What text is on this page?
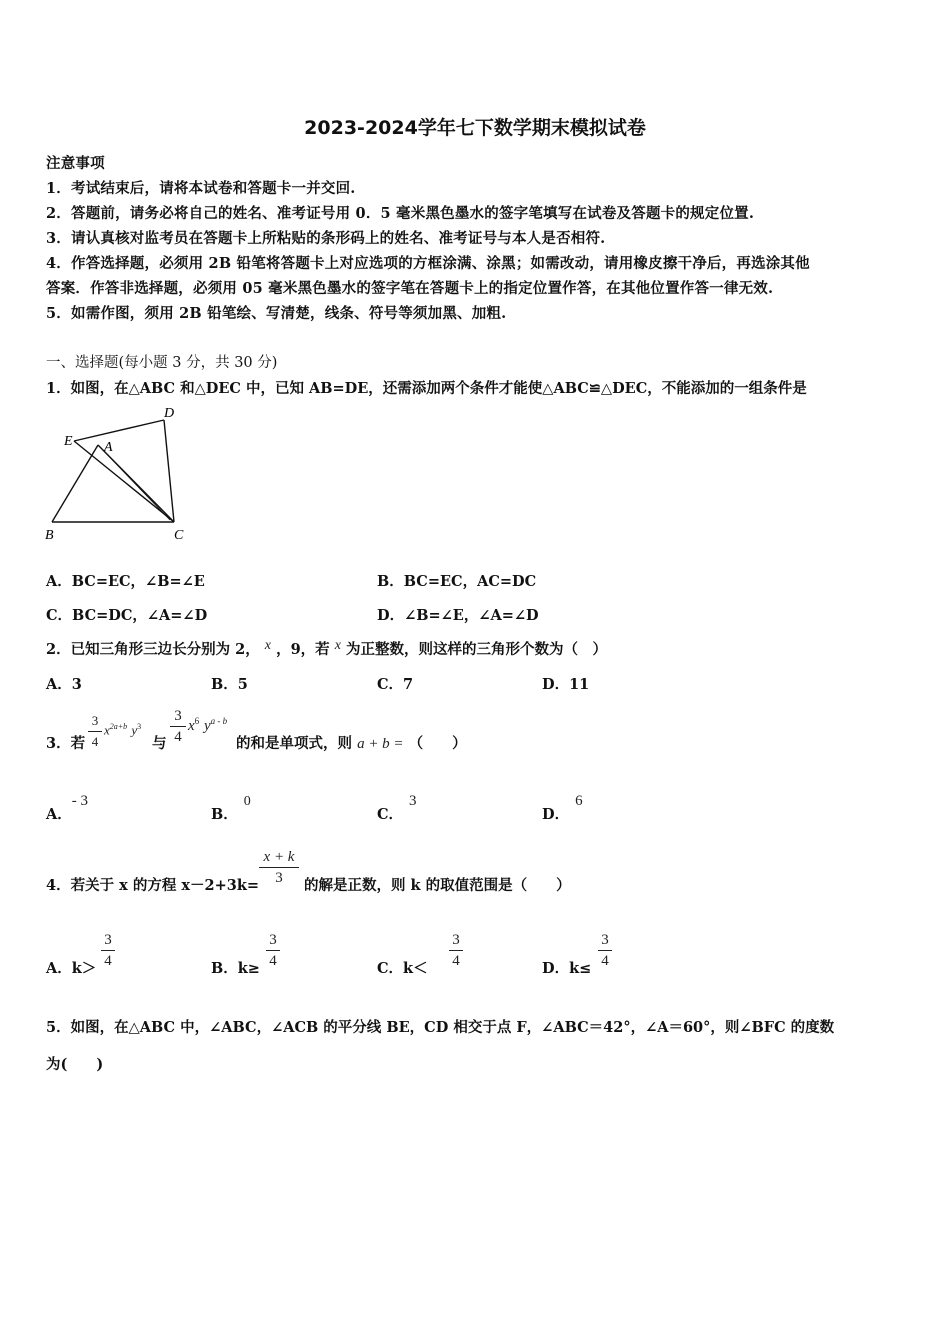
2023-2024学年七下数学期末模拟试卷
注意事项
1．考试结束后，请将本试卷和答题卡一并交回.
2．答题前，请务必将自己的姓名、准考证号用 0．5 毫米黑色墨水的签字笔填写在试卷及答题卡的规定位置.
3．请认真核对监考员在答题卡上所粘贴的条形码上的姓名、准考证号与本人是否相符.
4．作答选择题，必须用 2B 铅笔将答题卡上对应选项的方框涂满、涂黑；如需改动，请用橡皮擦干净后，再选涂其他
答案．作答非选择题，必须用 05 毫米黑色墨水的签字笔在答题卡上的指定位置作答，在其他位置作答一律无效.
5．如需作图，须用 2B 铅笔绘、写清楚，线条、符号等须加黑、加粗.
一、选择题(每小题 3 分，共 30 分)
1．如图，在△ABC 和△DEC 中，已知 AB=DE，还需添加两个条件才能使△ABC≌△DEC，不能添加的一组条件是
D
E A
B	C
A．BC=EC，∠B=∠E	B．BC=EC，AC=DC
C．BC=DC，∠A=∠D	D．∠B=∠E，∠A=∠D
2．已知三角形三边长分别为 2， x ，9，若 x 为正整数，则这样的三角形个数为（　）
A．3	B．5	C．7	D．11
3．若
3
4
$x^{2a+b}$ $y^3$
与
3
4
$x^6$ $y^{a - b}$
的和是单项式，则 a + b = （　　）
A．- 3
B．0
C．3
D．6
4．若关于 x 的方程 x－2+3k=
x + k
3	的解是正数，则 k 的取值范围是（　　）
A．k＞
3
4	B．k≥
3
4	C．k＜
3
4	D．k≤
3
4
5．如图，在△ABC 中，∠ABC，∠ACB 的平分线 BE，CD 相交于点 F，∠ABC＝42°，∠A＝60°，则∠BFC 的度数
为(　　)
